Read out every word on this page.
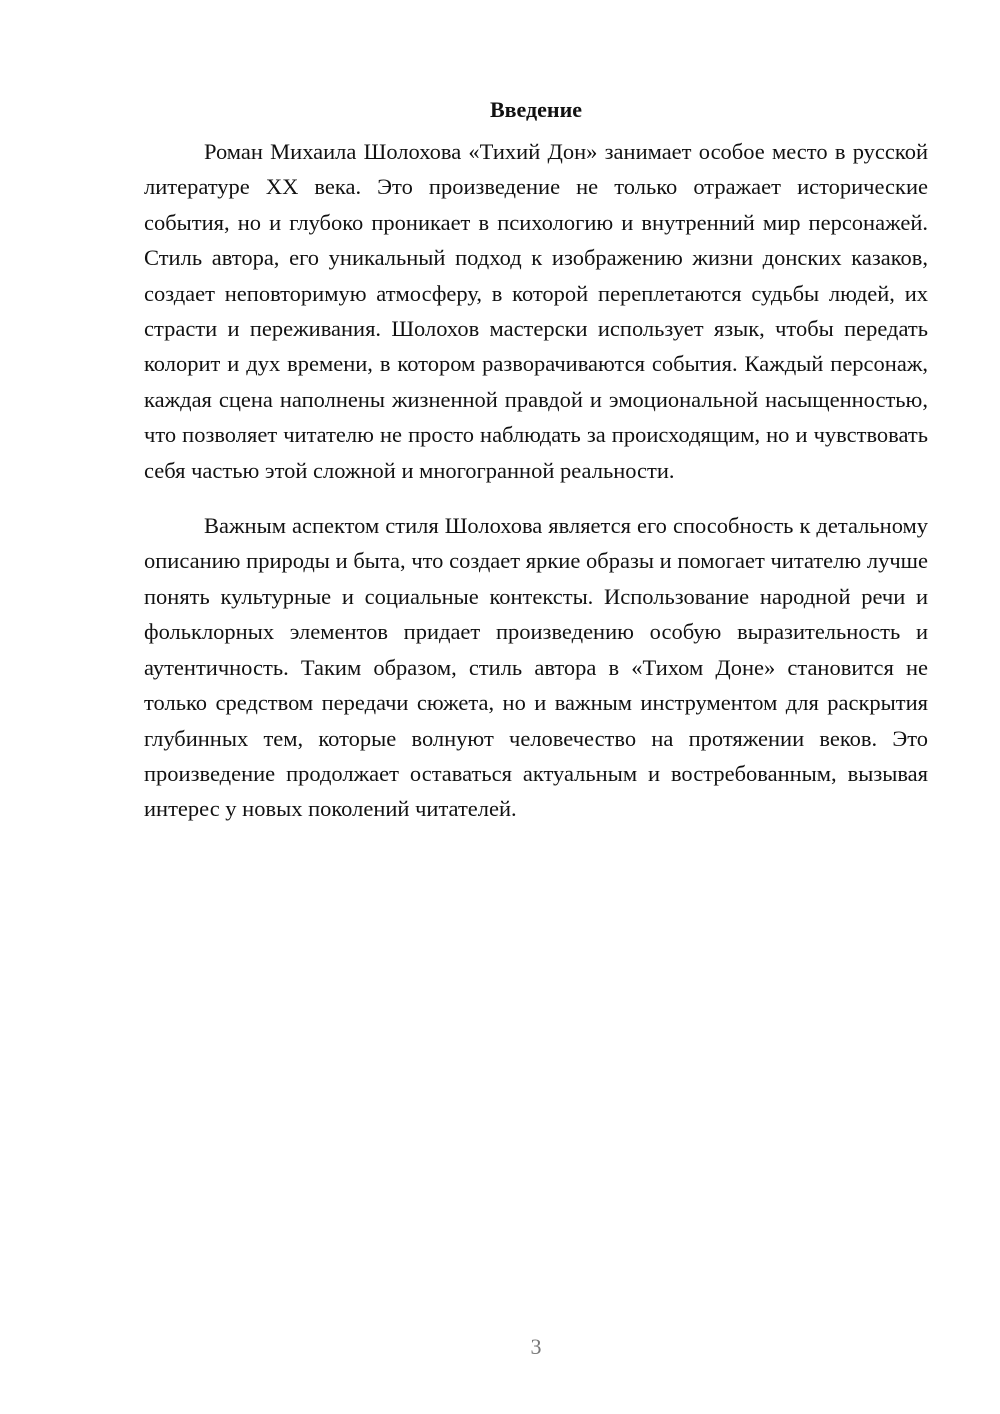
Введение

Роман Михаила Шолохова «Тихий Дон» занимает особое место в русской литературе XX века. Это произведение не только отражает исторические события, но и глубоко проникает в психологию и внутренний мир персонажей. Стиль автора, его уникальный подход к изображению жизни донских казаков, создает неповторимую атмосферу, в которой переплетаются судьбы людей, их страсти и переживания. Шолохов мастерски использует язык, чтобы передать колорит и дух времени, в котором разворачиваются события. Каждый персонаж, каждая сцена наполнены жизненной правдой и эмоциональной насыщенностью, что позволяет читателю не просто наблюдать за происходящим, но и чувствовать себя частью этой сложной и многогранной реальности.

Важным аспектом стиля Шолохова является его способность к детальному описанию природы и быта, что создает яркие образы и помогает читателю лучше понять культурные и социальные контексты. Использование народной речи и фольклорных элементов придает произведению особую выразительность и аутентичность. Таким образом, стиль автора в «Тихом Доне» становится не только средством передачи сюжета, но и важным инструментом для раскрытия глубинных тем, которые волнуют человечество на протяжении веков. Это произведение продолжает оставаться актуальным и востребованным, вызывая интерес у новых поколений читателей.

3
